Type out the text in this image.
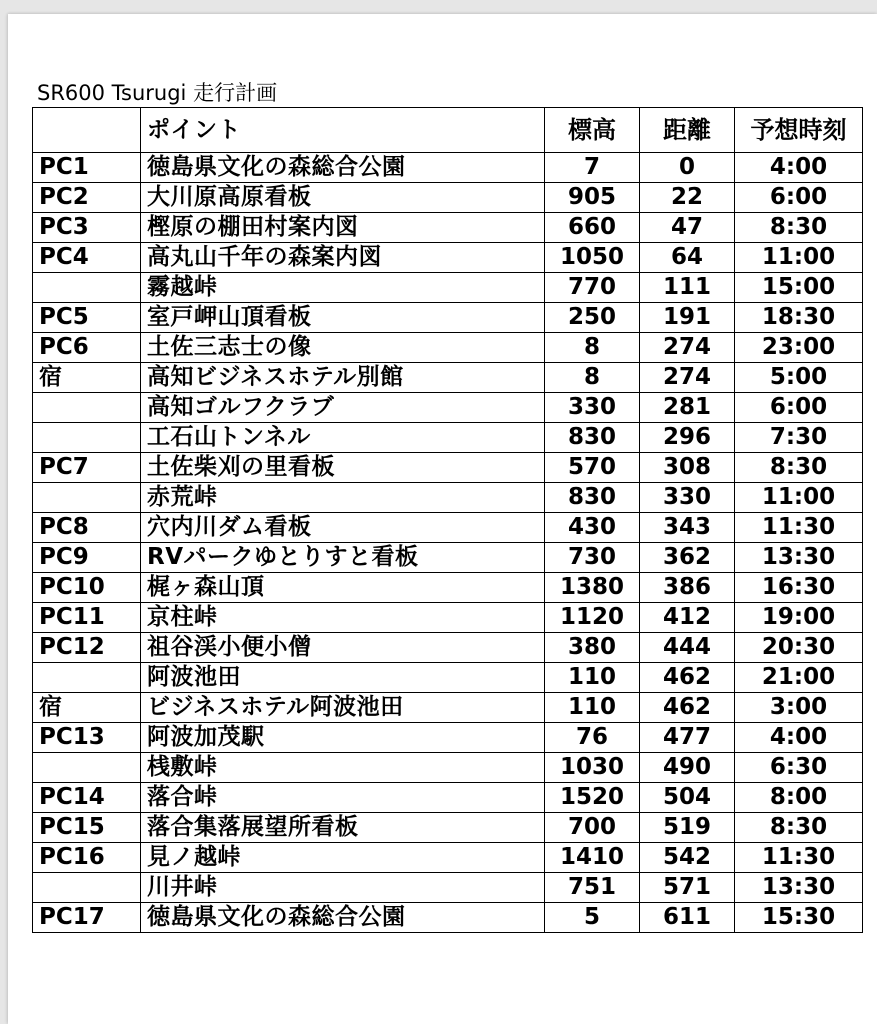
SR600 Tsurugi 走行計画
	ポイント	標高	距離	予想時刻
PC1	徳島県文化の森総合公園	7	0	4:00
PC2	大川原高原看板	905	22	6:00
PC3	樫原の棚田村案内図	660	47	8:30
PC4	高丸山千年の森案内図	1050	64	11:00
	霧越峠	770	111	15:00
PC5	室戸岬山頂看板	250	191	18:30
PC6	土佐三志士の像	8	274	23:00
宿	高知ビジネスホテル別館	8	274	5:00
	高知ゴルフクラブ	330	281	6:00
	工石山トンネル	830	296	7:30
PC7	土佐柴刈の里看板	570	308	8:30
	赤荒峠	830	330	11:00
PC8	穴内川ダム看板	430	343	11:30
PC9	RVパークゆとりすと看板	730	362	13:30
PC10	梶ヶ森山頂	1380	386	16:30
PC11	京柱峠	1120	412	19:00
PC12	祖谷渓小便小僧	380	444	20:30
	阿波池田	110	462	21:00
宿	ビジネスホテル阿波池田	110	462	3:00
PC13	阿波加茂駅	76	477	4:00
	桟敷峠	1030	490	6:30
PC14	落合峠	1520	504	8:00
PC15	落合集落展望所看板	700	519	8:30
PC16	見ノ越峠	1410	542	11:30
	川井峠	751	571	13:30
PC17	徳島県文化の森総合公園	5	611	15:30
